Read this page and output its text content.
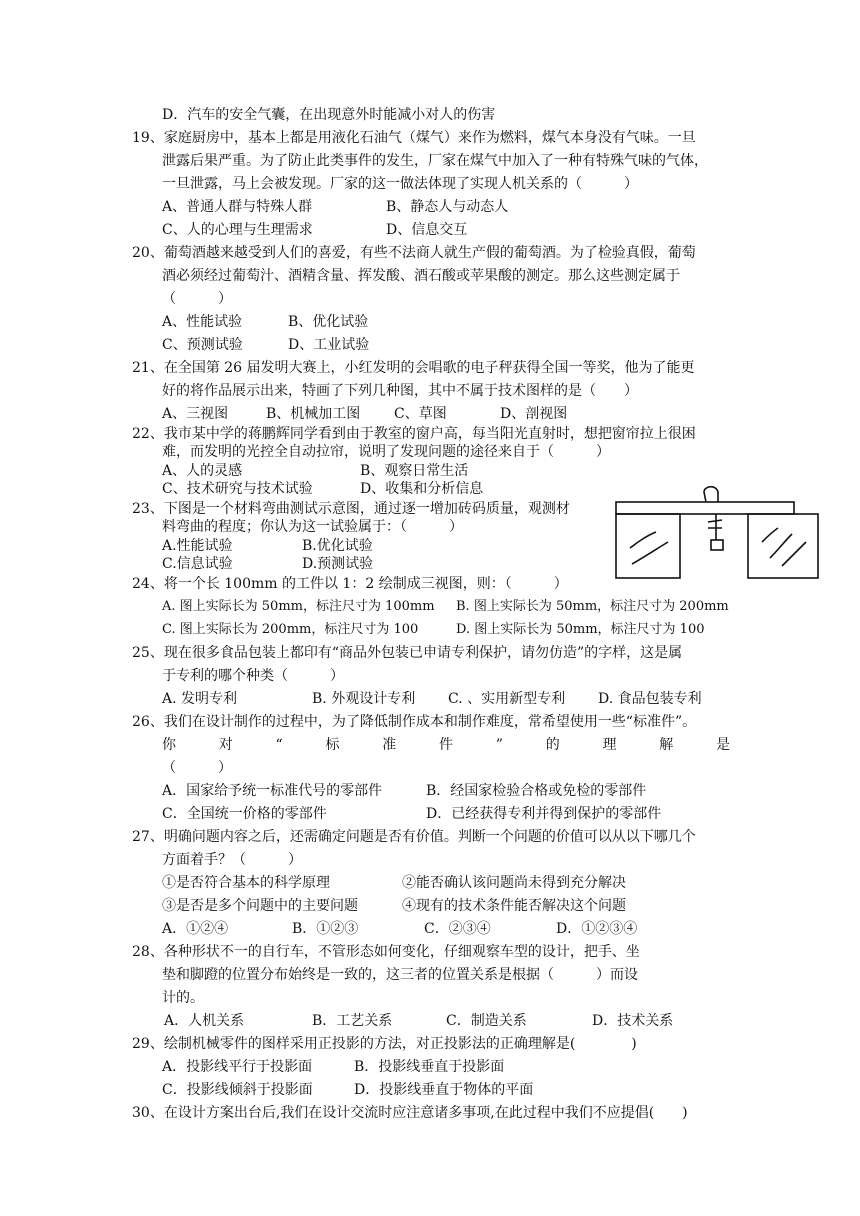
D．汽车的安全气囊，在出现意外时能减小对人的伤害
19、家庭厨房中，基本上都是用液化石油气（煤气）来作为燃料，煤气本身没有气味。一旦
泄露后果严重。为了防止此类事件的发生，厂家在煤气中加入了一种有特殊气味的气体，
一旦泄露，马上会被发现。厂家的这一做法体现了实现人机关系的（　　　）
A、普通人群与特殊人群	B、静态人与动态人
C、人的心理与生理需求	D、信息交互
20、葡萄酒越来越受到人们的喜爱，有些不法商人就生产假的葡萄酒。为了检验真假，葡萄
酒必须经过葡萄汁、酒精含量、挥发酸、酒石酸或苹果酸的测定。那么这些测定属于
（　　　）
A、性能试验	B、优化试验
C、预测试验	D、工业试验
21、在全国第 26 届发明大赛上，小红发明的会唱歌的电子秤获得全国一等奖，他为了能更
好的将作品展示出来，特画了下列几种图，其中不属于技术图样的是（　　）
A、三视图	B、机械加工图 C、草图	D、剖视图
22、我市某中学的蒋鹏辉同学看到由于教室的窗户高，每当阳光直射时，想把窗帘拉上很困
难，而发明的光控全自动拉帘，说明了发现问题的途径来自于（　　　）
A、人的灵感	B、观察日常生活
C、技术研究与技术试验	D、收集和分析信息
23、下图是一个材料弯曲测试示意图，通过逐一增加砖码质量，观测材
料弯曲的程度；你认为这一试验属于：（　　　）
A.性能试验	B.优化试验
C.信息试验	D.预测试验
24、将一个长 100mm 的工件以 1：2 绘制成三视图，则：（　　　）
A. 图上实际长为 50mm，标注尺寸为 100mm B. 图上实际长为 50mm，标注尺寸为 200mm
C. 图上实际长为 200mm，标注尺寸为 100	D. 图上实际长为 50mm，标注尺寸为 100
25、现在很多食品包装上都印有“商品外包装已申请专利保护，请勿仿造”的字样，这是属
于专利的哪个种类（　　　）
A. 发明专利	B. 外观设计专利 C. 、实用新型专利 D. 食品包装专利
26、我们在设计制作的过程中，为了降低制作成本和制作难度，常希望使用一些“标准件”。
你	对	“	标	准	件	”	的	理	解	是
（　　　）
A．国家给予统一标准代号的零部件	B．经国家检验合格或免检的零部件
C．全国统一价格的零部件	D．已经获得专利并得到保护的零部件
27、明确问题内容之后，还需确定问题是否有价值。判断一个问题的价值可以从以下哪几个
方面着手？（　　　）
①是否符合基本的科学原理	②能否确认该问题尚未得到充分解决
③是否是多个问题中的主要问题	④现有的技术条件能否解决这个问题
A．①②④	B．①②③	C．②③④	D．①②③④
28、各种形状不一的自行车，不管形态如何变化，仔细观察车型的设计，把手、坐
垫和脚蹬的位置分布始终是一致的，这三者的位置关系是根据（　　　）而设
计的。
A．人机关系	B．工艺关系	C．制造关系	D．技术关系
29、绘制机械零件的图样采用正投影的方法，对正投影法的正确理解是(　　　　)
A．投影线平行于投影面	B．投影线垂直于投影面
C．投影线倾斜于投影面	D．投影线垂直于物体的平面
30、在设计方案出台后,我们在设计交流时应注意诸多事项,在此过程中我们不应提倡(　　)
